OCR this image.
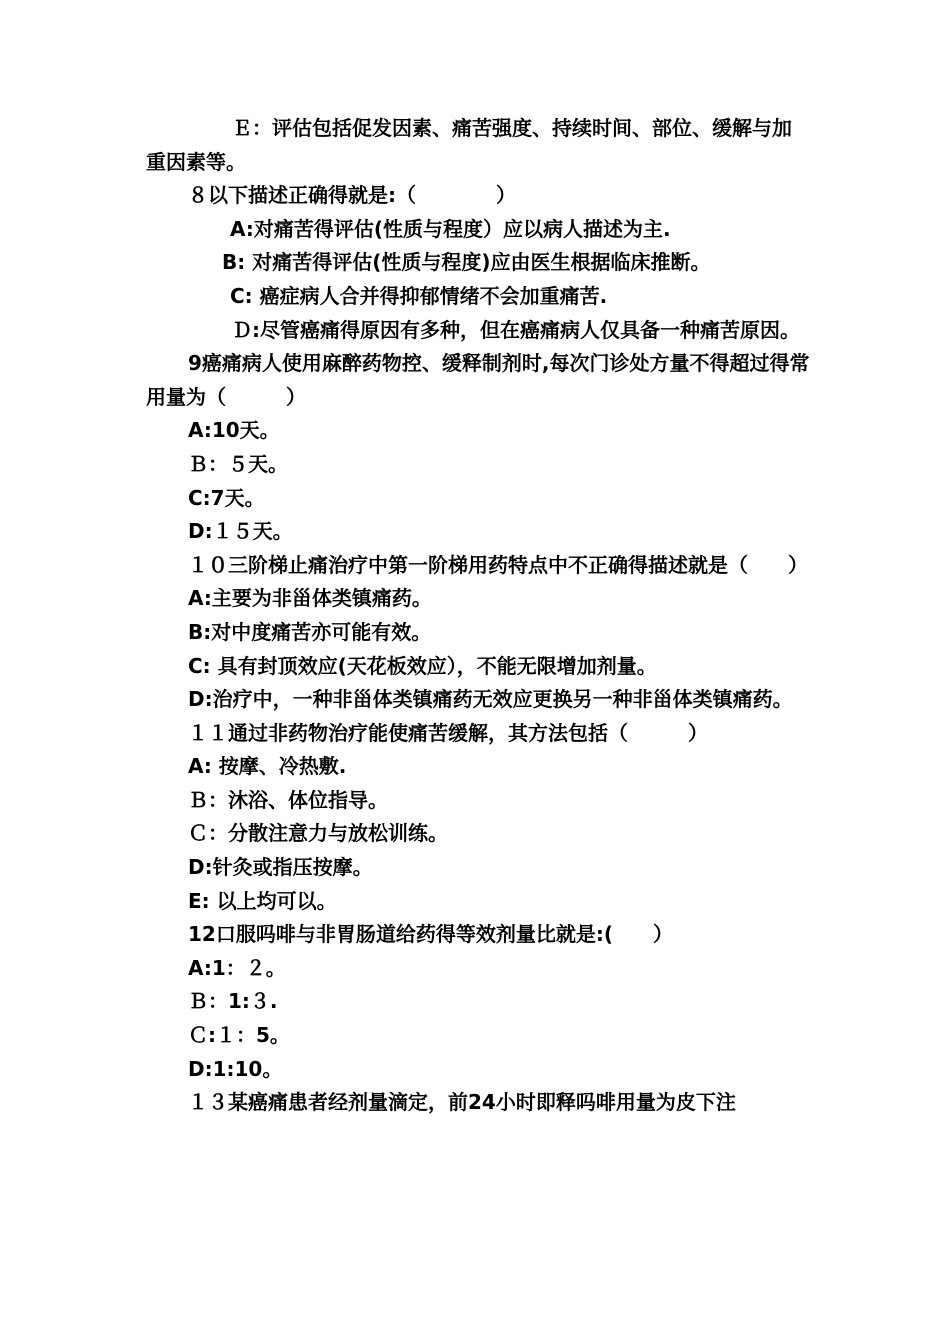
Ｅ：评估包括促发因素、痛苦强度、持续时间、部位、缓解与加重因素等。

８以下描述正确得就是:（　　　　）

A:对痛苦得评估(性质与程度）应以病人描述为主.

B: 对痛苦得评估(性质与程度)应由医生根据临床推断。

C: 癌症病人合并得抑郁情绪不会加重痛苦.

Ｄ:尽管癌痛得原因有多种，但在癌痛病人仅具备一种痛苦原因。

9癌痛病人使用麻醉药物控、缓释制剂时,每次门诊处方量不得超过得常用量为（　　　）

A:10天。

Ｂ：５天。

C:7天。

D:１５天。

１０三阶梯止痛治疗中第一阶梯用药特点中不正确得描述就是（　　）

A:主要为非甾体类镇痛药。

B:对中度痛苦亦可能有效。

C: 具有封顶效应(天花板效应），不能无限增加剂量。

D:治疗中，一种非甾体类镇痛药无效应更换另一种非甾体类镇痛药。

１１通过非药物治疗能使痛苦缓解，其方法包括（　　　）

A: 按摩、冷热敷.

Ｂ：沐浴、体位指导。

Ｃ：分散注意力与放松训练。

D:针灸或指压按摩。

E: 以上均可以。

12口服吗啡与非胃肠道给药得等效剂量比就是:(　　）

A:1：２。

Ｂ：1:３.

Ｃ:１：5。

D:1:10。

１３某癌痛患者经剂量滴定，前24小时即释吗啡用量为皮下注
